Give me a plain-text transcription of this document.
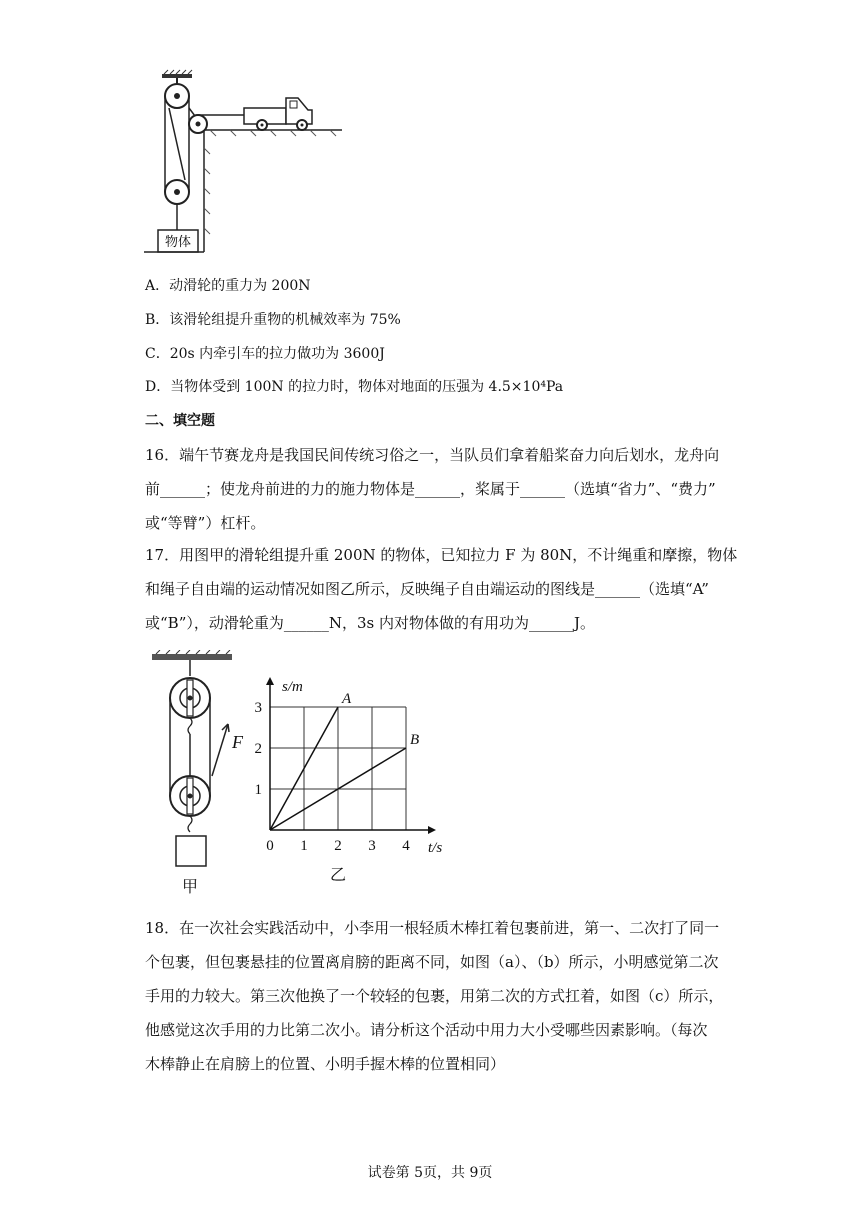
物体
A．动滑轮的重力为 200N
B．该滑轮组提升重物的机械效率为 75%
C．20s 内牵引车的拉力做功为 3600J
D．当物体受到 100N 的拉力时，物体对地面的压强为 4.5×10⁴Pa
二、填空题
16．端午节赛龙舟是我国民间传统习俗之一，当队员们拿着船桨奋力向后划水，龙舟向
前______；使龙舟前进的力的施力物体是______，桨属于______（选填“省力”、“费力”
或“等臂”）杠杆。
17．用图甲的滑轮组提升重 200N 的物体，已知拉力 F 为 80N，不计绳重和摩擦，物体
和绳子自由端的运动情况如图乙所示，反映绳子自由端运动的图线是______（选填“A”
或“B”），动滑轮重为______N，3s 内对物体做的有用功为______J。
F
甲
0 1 2 3 4
1
2
3
s/m
t/s
A
B
乙
18．在一次社会实践活动中，小李用一根轻质木棒扛着包裹前进，第一、二次打了同一
个包裹，但包裹悬挂的位置离肩膀的距离不同，如图（a）、（b）所示，小明感觉第二次
手用的力较大。第三次他换了一个较轻的包裹，用第二次的方式扛着，如图（c）所示，
他感觉这次手用的力比第二次小。请分析这个活动中用力大小受哪些因素影响。（每次
木棒静止在肩膀上的位置、小明手握木棒的位置相同）
试卷第 5页，共 9页
